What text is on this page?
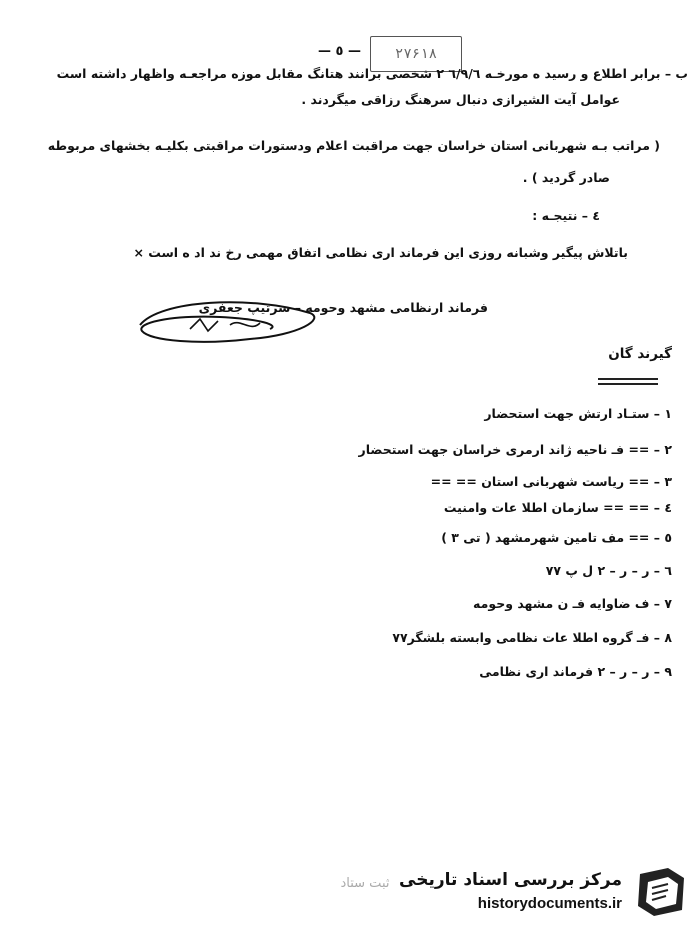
— ٥ — ۲۷۶۱۸
ب – برابر اطلاع و رسید ه مورخـه ٦/۹/٦ ٢ شخصی برانند هتانگ مقابل موزه مراجعـه واظهار داشته است
عوامل آیت الشیرازی دنبال سرهنگ رزاقی میگردند .
( مراتب بـه شهربانی استان خراسان جهت مراقبت اعلام ودستورات مراقبتی بکلیـه بخشهای مربوطه
صادر گردید ) .
٤ – نتیجـه :
باتلاش پیگیر وشبانه روزی این فرماند اری نظامی اتفاق مهمی رخ ند اد ه است ×
فرماند ارنظامی مشهد وحومه – سرتیپ جعفری
گیرند گان
۱ – ستـاد ارتش جهت استحضار
۲ – == فـ ناحیه ژاند ارمری خراسان جهت استحضار
۳ – == ریاست شهربانی استان == ==
٤ – == == سازمان اطلا عات وامنیت
٥ – == مف تامین شهرمشهد ( تی ۳ )
٦ – ر – ر – ۲ ل پ ۷۷
۷ – ف ضاوایه فـ ن مشهد وحومه
۸ – فـ گروه اطلا عات نظامی وابسته بلشگر۷۷
۹ – ر – ر – ۲ فرماند اری نظامی
ثبت ستاد مرکز بررسی اسناد تاریخی
historydocuments.ir
